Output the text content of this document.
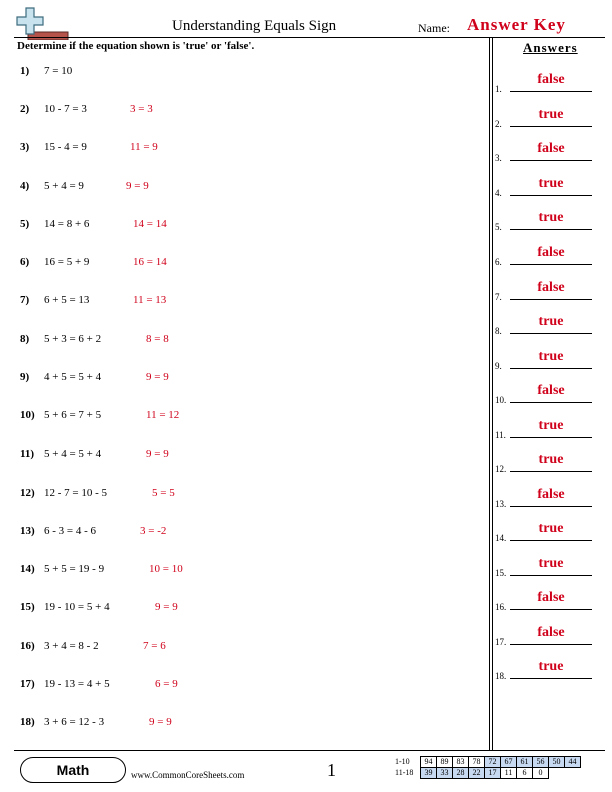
Understanding Equals Sign	Name: Answer Key
Determine if the equation shown is 'true' or 'false'.	Answers
1) 7 = 10
2) 10 - 7 = 3	3 = 3
3) 15 - 4 = 9	11 = 9
4) 5 + 4 = 9	9 = 9
5) 14 = 8 + 6	14 = 14
6) 16 = 5 + 9	16 = 14
7) 6 + 5 = 13	11 = 13
8) 5 + 3 = 6 + 2	8 = 8
9) 4 + 5 = 5 + 4	9 = 9
10) 5 + 6 = 7 + 5	11 = 12
11) 5 + 4 = 5 + 4	9 = 9
12) 12 - 7 = 10 - 5	5 = 5
13) 6 - 3 = 4 - 6	3 = -2
14) 5 + 5 = 19 - 9	10 = 10
15) 19 - 10 = 5 + 4	9 = 9
16) 3 + 4 = 8 - 2	7 = 6
17) 19 - 13 = 4 + 5	6 = 9
18) 3 + 6 = 12 - 3	9 = 9
1.
false
2.
true
3.
false
4.
true
5.
true
6.
false
7.
false
8.
true
9.
true
10.
false
11.
true
12.
true
13.
false
14.
true
15.
true
16.
false
17.
false
18.
true
Math	www.CommonCoreSheets.com	1	1-10	94	89	83	78	72	67	61	56	50	44
11-18	39	33	28	22	17	11	6	0		
